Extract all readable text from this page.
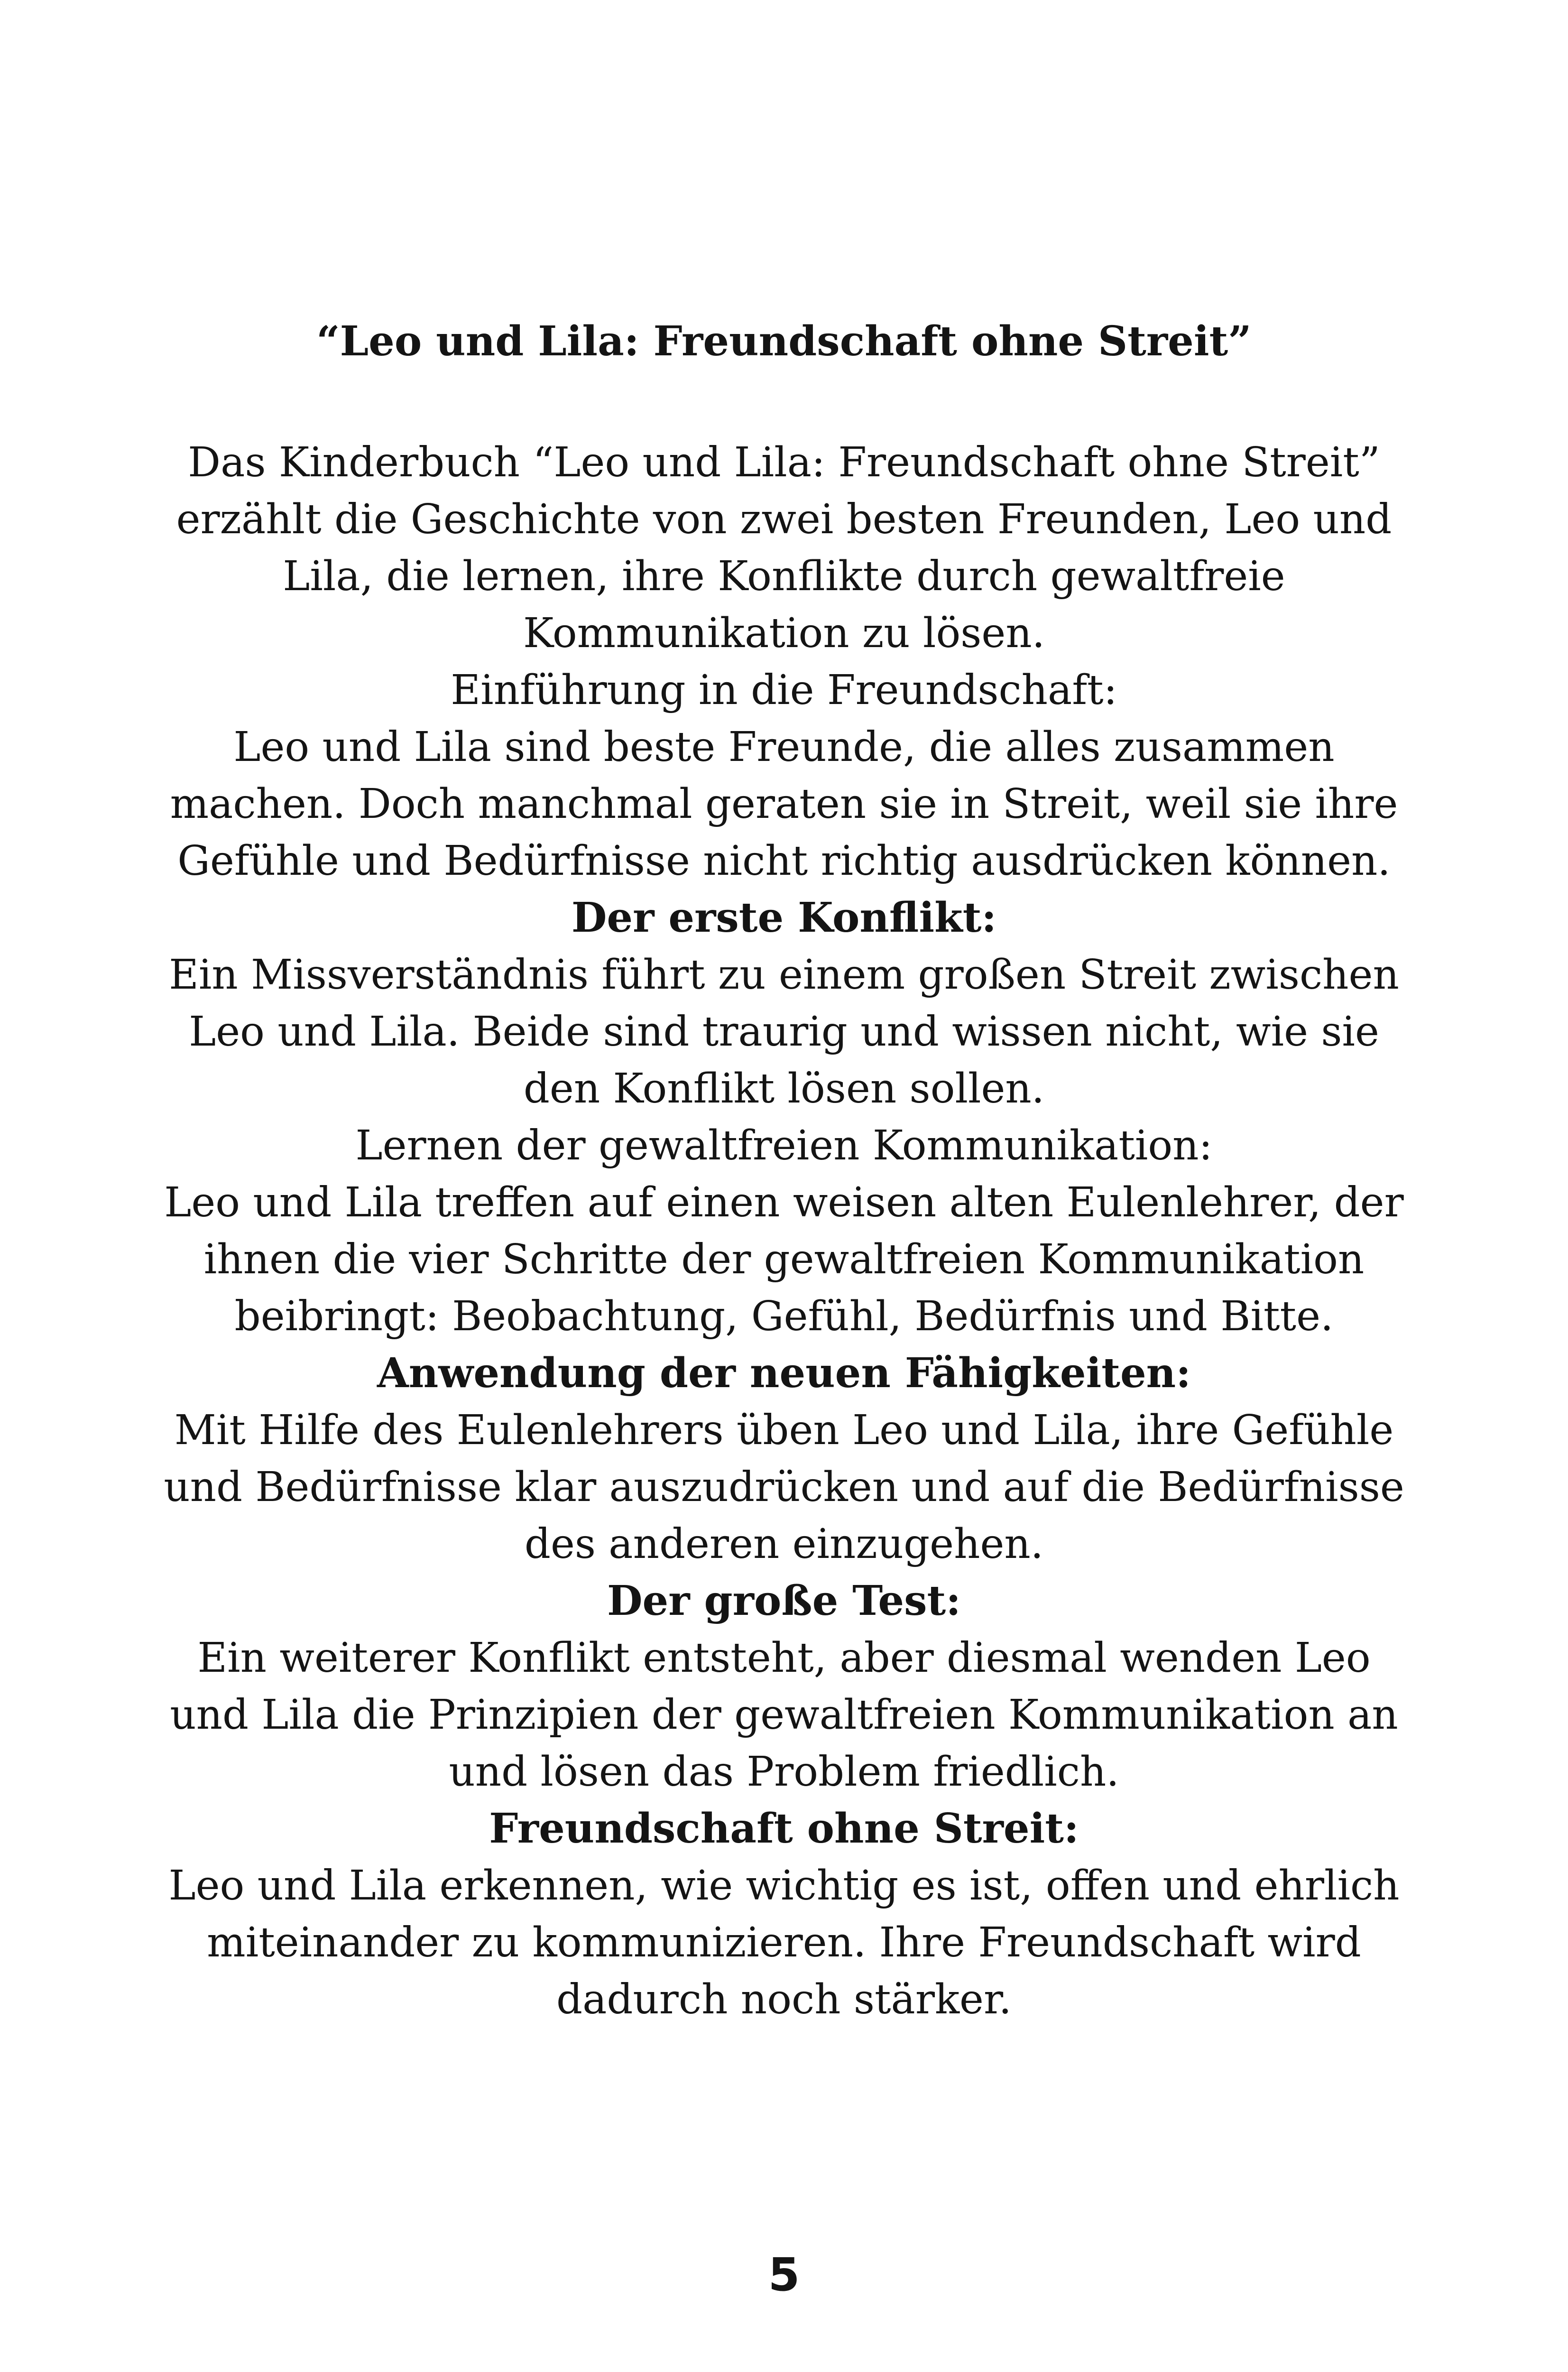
“Leo und Lila: Freundschaft ohne Streit”

Das Kinderbuch “Leo und Lila: Freundschaft ohne Streit”
erzählt die Geschichte von zwei besten Freunden, Leo und
Lila, die lernen, ihre Konflikte durch gewaltfreie
Kommunikation zu lösen.

Einführung in die Freundschaft:

Leo und Lila sind beste Freunde, die alles zusammen
machen. Doch manchmal geraten sie in Streit, weil sie ihre
Gefühle und Bedürfnisse nicht richtig ausdrücken können.

Der erste Konflikt:

Ein Missverständnis führt zu einem großen Streit zwischen
Leo und Lila. Beide sind traurig und wissen nicht, wie sie
den Konflikt lösen sollen.

Lernen der gewaltfreien Kommunikation:

Leo und Lila treffen auf einen weisen alten Eulenlehrer, der
ihnen die vier Schritte der gewaltfreien Kommunikation
beibringt: Beobachtung, Gefühl, Bedürfnis und Bitte.

Anwendung der neuen Fähigkeiten:

Mit Hilfe des Eulenlehrers üben Leo und Lila, ihre Gefühle
und Bedürfnisse klar auszudrücken und auf die Bedürfnisse
des anderen einzugehen.

Der große Test:

Ein weiterer Konflikt entsteht, aber diesmal wenden Leo
und Lila die Prinzipien der gewaltfreien Kommunikation an
und lösen das Problem friedlich.

Freundschaft ohne Streit:

Leo und Lila erkennen, wie wichtig es ist, offen und ehrlich
miteinander zu kommunizieren. Ihre Freundschaft wird
dadurch noch stärker.

5
